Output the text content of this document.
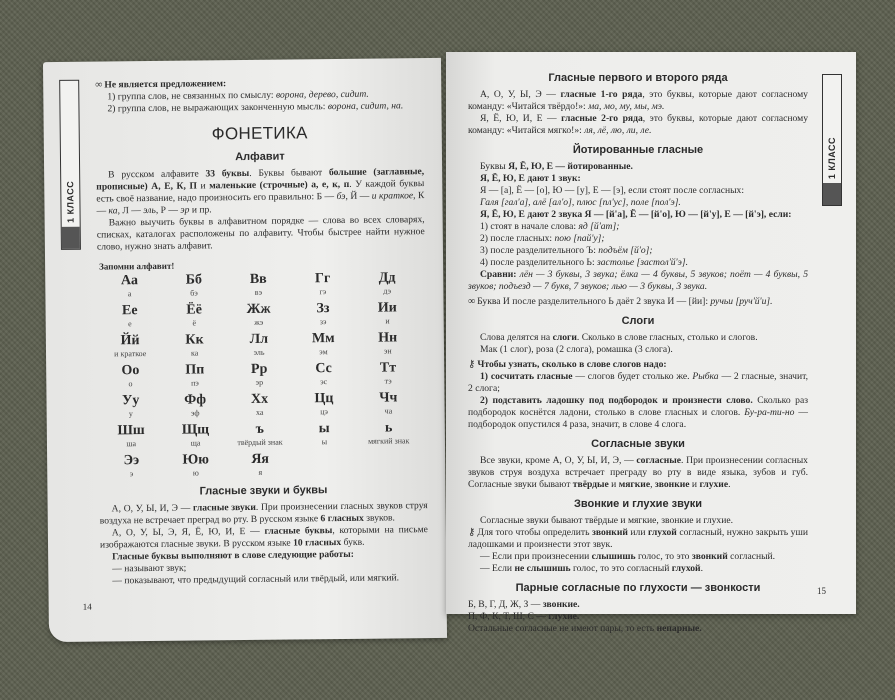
1 КЛАСС

∞ Не является предложением:

1) группа слов, не связанных по смыслу: ворона, дерево, сидит.

2) группа слов, не выражающих законченную мысль: ворона, сидит, на.

ФОНЕТИКА
Алфавит

В русском алфавите 33 буквы. Буквы бывают большие (заглавные, прописные) А, Е, К, П и маленькие (строчные) а, е, к, п. У каждой буквы есть своё название, надо произносить его правильно: Б — бэ, Й — и краткое, К — ка, Л — эль, Р — эр и пр.

Важно выучить буквы в алфавитном порядке — слова во всех словарях, списках, каталогах расположены по алфавиту. Чтобы быстрее найти нужное слово, нужно знать алфавит.

Запомни алфавит!
Аа
а
Бб
бэ
Вв
вэ
Гг
гэ
Дд
дэ
Ее
е
Ёё
ё
Жж
жэ
Зз
зэ
Ии
и
Йй
и краткое
Кк
ка
Лл
эль
Мм
эм
Нн
эн
Оо
о
Пп
пэ
Рр
эр
Сс
эс
Тт
тэ
Уу
у
Фф
эф
Хх
ха
Цц
цэ
Чч
ча
Шш
ша
Щщ
ща
ъ
твёрдый знак
ы
ы
ь
мягкий знак
Ээ
э
Юю
ю
Яя
я
Гласные звуки и буквы

А, О, У, Ы, И, Э — гласные звуки. При произнесении гласных звуков струя воздуха не встречает преград во рту. В русском языке 6 гласных звуков.

А, О, У, Ы, Э, Я, Ё, Ю, И, Е — гласные буквы, которыми на письме изображаются гласные звуки. В русском языке 10 гласных букв.

Гласные буквы выполняют в слове следующие работы:

— называют звук;

— показывают, что предыдущий согласный или твёрдый, или мягкий.

14
1 КЛАСС
Гласные первого и второго ряда

А, О, У, Ы, Э — гласные 1-го ряда, это буквы, которые дают согласному команду: «Читайся твёрдо!»: ма, мо, му, мы, мэ.

Я, Ё, Ю, И, Е — гласные 2-го ряда, это буквы, которые дают согласному команду: «Читайся мягко!»: ля, лё, лю, ли, ле.

Йотированные гласные

Буквы Я, Ё, Ю, Е — йотированные.

Я, Ё, Ю, Е дают 1 звук:

Я — [а], Ё — [о], Ю — [у], Е — [э], если стоят после согласных:

Галя [гал'а], алё [ал'о], плюс [пл'ус], поле [пол'э].

Я, Ё, Ю, Е дают 2 звука Я — [й'а], Ё — [й'о], Ю — [й'у], Е — [й'э], если:

1) стоят в начале слова: яд [й'ат];

2) после гласных: пою [пай'у];

3) после разделительного Ъ: подъём [й'о];

4) после разделительного Ь: застолье [застол'й'э].

Сравни: лён — 3 буквы, 3 звука; ёлка — 4 буквы, 5 звуков; поёт — 4 буквы, 5 звуков; подъезд — 7 букв, 7 звуков; лью — 3 буквы, 3 звука.

∞ Буква И после разделительного Ь даёт 2 звука И — [йи]: ручьи [руч'й'и].

Слоги

Слова делятся на слоги. Сколько в слове гласных, столько и слогов.

Мак (1 слог), роза (2 слога), ромашка (3 слога).

⚷ Чтобы узнать, сколько в слове слогов надо:

1) сосчитать гласные — слогов будет столько же. Рыбка — 2 гласные, значит, 2 слога;

2) подставить ладошку под подбородок и произнести слово. Сколько раз подбородок коснётся ладони, столько в слове гласных и слогов. Бу-ра-ти-но — подбородок опустился 4 раза, значит, в слове 4 слога.

Согласные звуки

Все звуки, кроме А, О, У, Ы, И, Э, — согласные. При произнесении согласных звуков струя воздуха встречает преграду во рту в виде языка, зубов и губ. Согласные звуки бывают твёрдые и мягкие, звонкие и глухие.

Звонкие и глухие звуки

Согласные звуки бывают твёрдые и мягкие, звонкие и глухие.

⚷ Для того чтобы определить звонкий или глухой согласный, нужно закрыть уши ладошками и произнести этот звук.

— Если при произнесении слышишь голос, то это звонкий согласный.

— Если не слышишь голос, то это согласный глухой.

Парные согласные по глухости — звонкости

Б, В, Г, Д, Ж, З — звонкие.

П, Ф, К, Т, Ш, С — глухие.

Остальные согласные не имеют пары, то есть непарные.

15
